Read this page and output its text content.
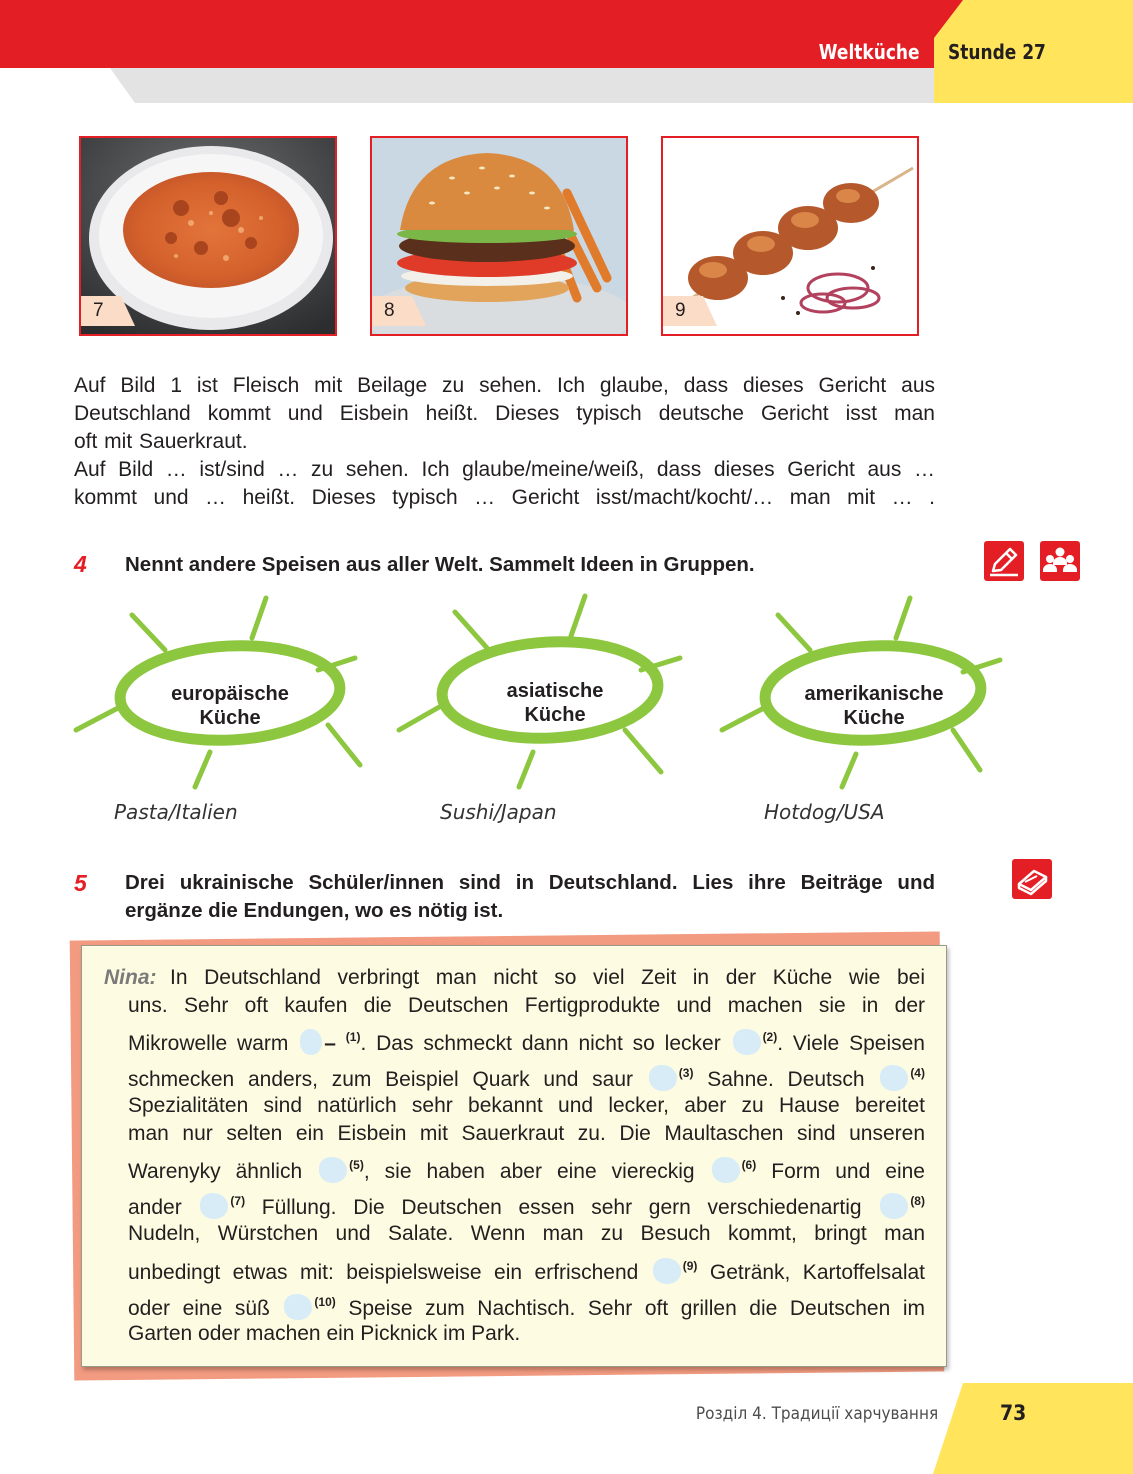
Weltküche Stunde 27
7	8	9
Auf Bild 1 ist Fleisch mit Beilage zu sehen. Ich glaube, dass dieses Gericht aus
Deutschland kommt und Eisbein heißt. Dieses typisch deutsche Gericht isst man
oft mit Sauerkraut.
Auf Bild … ist/sind … zu sehen. Ich glaube/meine/weiß, dass dieses Gericht aus …
kommt und … heißt. Dieses typisch … Gericht isst/macht/kocht/… man mit … .
4 Nennt andere Speisen aus aller Welt. Sammelt Ideen in Gruppen.
europäische
Küche
Pasta/Italien
asiatische
Küche
Sushi/Japan
amerikanische
Küche
Hotdog/USA
5 Drei ukrainische Schüler/innen sind in Deutschland. Lies ihre Beiträge und
ergänze die Endungen, wo es nötig ist.
Nina: In Deutschland verbringt man nicht so viel Zeit in der Küche wie bei
uns. Sehr oft kaufen die Deutschen Fertigprodukte und machen sie in der
Mikrowelle warm – $^{(1)}$. Das schmeckt dann nicht so lecker	$^{(2)}$. Viele Speisen
schmecken anders, zum Beispiel Quark und saur	$^{(3)}$ Sahne. Deutsch	$^{(4)}$
Spezialitäten sind natürlich sehr bekannt und lecker, aber zu Hause bereitet
man nur selten ein Eisbein mit Sauerkraut zu. Die Maultaschen sind unseren
Warenyky ähnlich	$^{(5)}$, sie haben aber eine viereckig	$^{(6)}$ Form und eine
ander	$^{(7)}$ Füllung. Die Deutschen essen sehr gern verschiedenartig	$^{(8)}$
Nudeln, Würstchen und Salate. Wenn man zu Besuch kommt, bringt man
unbedingt etwas mit: beispielsweise ein erfrischend	$^{(9)}$ Getränk, Kartoffelsalat
oder eine süß	$^{(10)}$ Speise zum Nachtisch. Sehr oft grillen die Deutschen im
Garten oder machen ein Picknick im Park.
Розділ 4. Традиції харчування	73
